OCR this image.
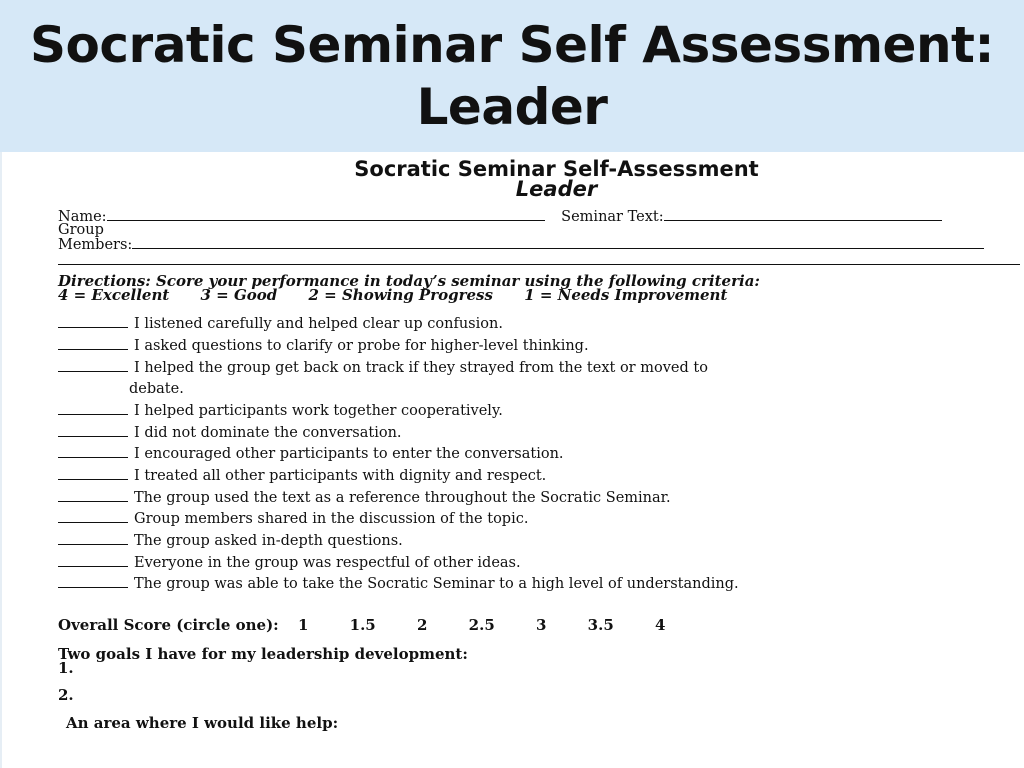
Socratic Seminar Self Assessment: Leader
Socratic Seminar Self-Assessment
Leader
Name:	Seminar Text:
Group
Members:
Directions: Score your performance in today’s seminar using the following criteria:
4 = Excellent 3 = Good 2 = Showing Progress 1 = Needs Improvement
I listened carefully and helped clear up confusion.
I asked questions to clarify or probe for higher-level thinking.
I helped the group get back on track if they strayed from the text or moved to
debate.
I helped participants work together cooperatively.
I did not dominate the conversation.
I encouraged other participants to enter the conversation.
I treated all other participants with dignity and respect.
The group used the text as a reference throughout the Socratic Seminar.
Group members shared in the discussion of the topic.
The group asked in-depth questions.
Everyone in the group was respectful of other ideas.
The group was able to take the Socratic Seminar to a high level of understanding.
Overall Score (circle one): 1	1.5	2	2.5	3	3.5	4
Two goals I have for my leadership development:
1.
2.
An area where I would like help:
